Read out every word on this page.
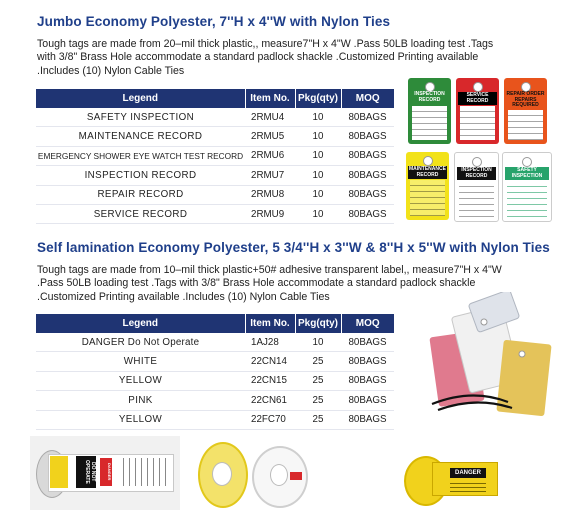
Jumbo Economy Polyester, 7''H x 4''W with Nylon Ties
Tough tags are made from 20–mil thick plastic,, measure7"H x 4"W .Pass 50LB loading test .Tags
with 3/8" Brass Hole accommodate a standard padlock shackle .Customized Printing available
.Includes (10) Nylon Cable Ties
Legend	Item No.	Pkg(qty)	MOQ
SAFETY INSPECTION	2RMU4	10	80BAGS
MAINTENANCE RECORD	2RMU5	10	80BAGS
EMERGENCY SHOWER EYE WATCH TEST RECORD	2RMU6	10	80BAGS
INSPECTION RECORD	2RMU7	10	80BAGS
REPAIR RECORD	2RMU8	10	80BAGS
SERVICE RECORD	2RMU9	10	80BAGS
INSPECTION RECORD
SERVICE RECORD
REPAIR ORDER REPAIRS REQUIRED
MAINTENANCE RECORD
INSPECTION RECORD
SAFETY INSPECTION
Self lamination Economy Polyester, 5 3/4''H x 3''W & 8''H x 5''W with Nylon Ties
Tough tags are made from 10–mil thick plastic+50# adhesive transparent label,, measure7"H x 4"W
.Pass 50LB loading test .Tags with 3/8" Brass Hole accommodate a standard padlock shackle
.Customized Printing available .Includes (10) Nylon Cable Ties
Legend	Item No.	Pkg(qty)	MOQ
DANGER Do Not Operate	1AJ28	10	80BAGS
WHITE	22CN14	25	80BAGS
YELLOW	22CN15	25	80BAGS
PINK	22CN61	25	80BAGS
YELLOW	22FC70	25	80BAGS
DO NOT OPERATE	DANGER	DANGER
